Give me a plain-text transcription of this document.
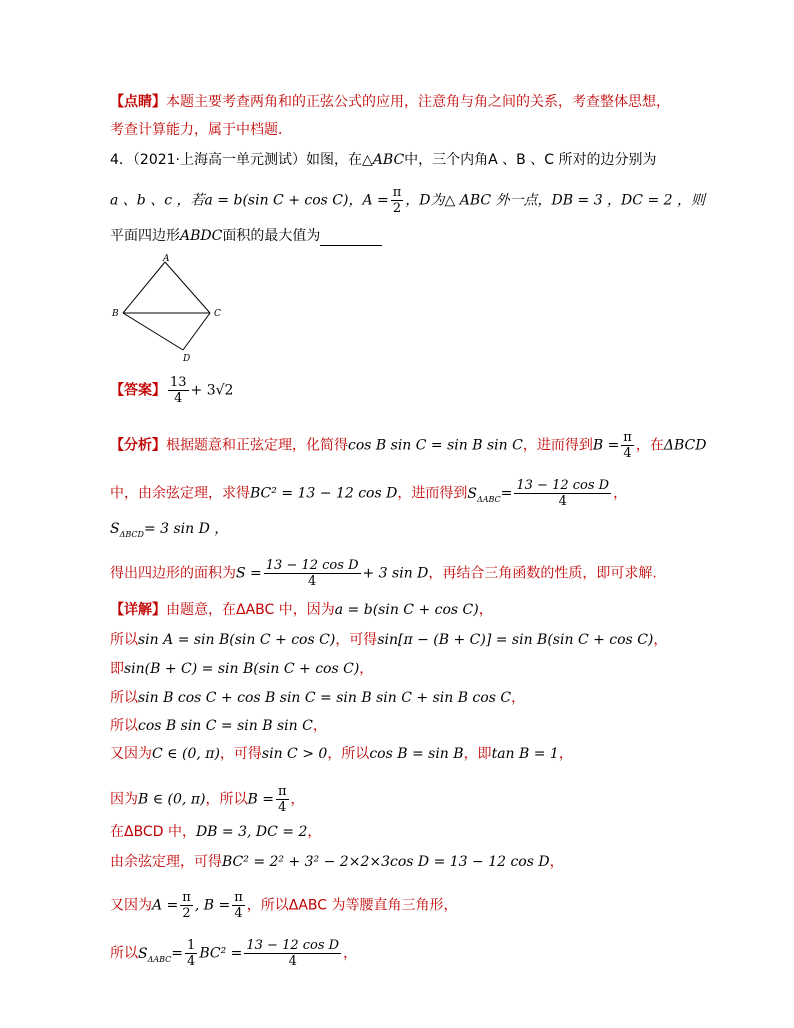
【点睛】本题主要考查两角和的正弦公式的应用，注意角与角之间的关系，考查整体思想，
考查计算能力，属于中档题．
4．（2021·上海高一单元测试）如图，在△ABC中，三个内角A 、B 、C 所对的边分别为
a 、b 、c ，若a = b(sin C + cos C)，$A = \frac{\pi}{2}$ ，D为△ ABC 外一点，DB = 3 ，DC = 2 ，则
平面四边形ABDC面积的最大值为
A
B	C
D
【答案】 $\frac{13}{4} + 3√2$
【分析】根据题意和正弦定理，化简得cos B sin C = sin B sin C，进而得到$B = \frac{\pi}{4}$ ，在ΔBCD
中，由余弦定理，求得BC² = 13 − 12 cos D，进而得到$S_{\Delta ABC}= \frac{\text{13 − 12 cos D}}{4}$ ，
$S_{\Delta BCD}= 3$ sin D ，
得出四边形的面积为$S = \frac{\text{13 − 12 cos D}}{4} + 3$ sin D，再结合三角函数的性质，即可求解.
【详解】由题意，在ΔABC 中，因为a = b(sin C + cos C)，
所以sin A = sin B(sin C + cos C)，可得sin[π − (B + C)] = sin B(sin C + cos C)，
即sin(B + C) = sin B(sin C + cos C)，
所以sin B cos C + cos B sin C = sin B sin C + sin B cos C，
所以cos B sin C = sin B sin C，
又因为C ∈ (0, π)，可得sin C > 0，所以cos B = sin B，即tan B = 1，
因为B ∈ (0, π)，所以$B = \frac{\pi}{4}$ ，
在ΔBCD 中，DB = 3, DC = 2，
由余弦定理，可得BC² = 2² + 3² − 2×2×3cos D = 13 − 12 cos D，
又因为$A = \frac{\pi}{2}$ , $B = \frac{\pi}{4}$ ，所以ΔABC 为等腰直角三角形，
所以$S_{\Delta ABC}= \frac{1}{4} BC^2 = \frac{\text{13 − 12 cos D}}{4}$ ，
